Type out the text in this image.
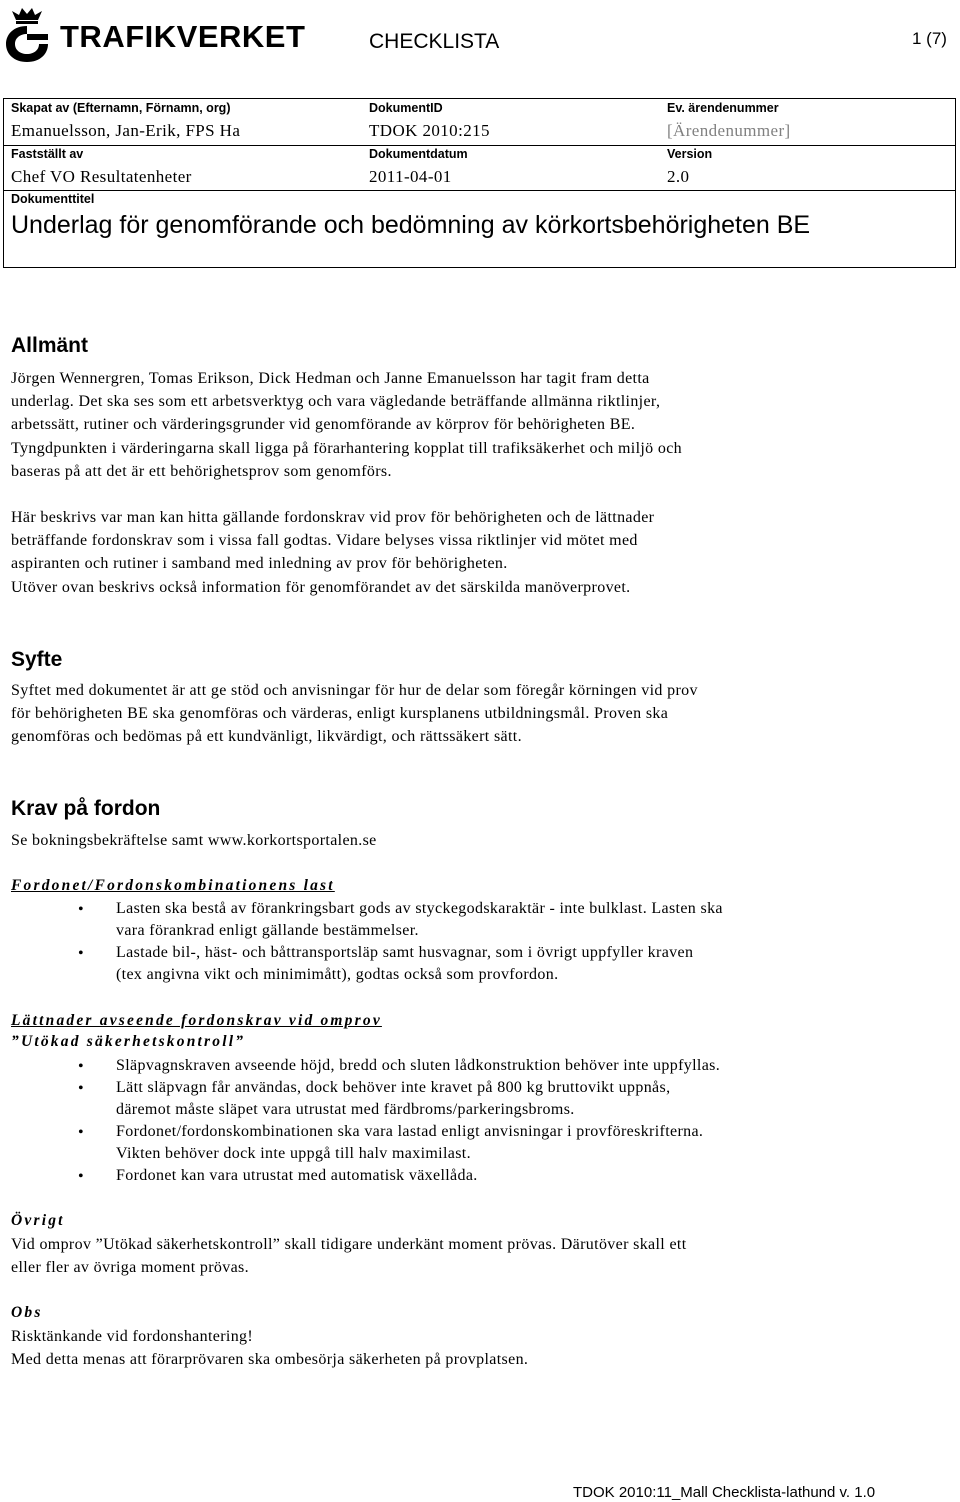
TRAFIKVERKET	CHECKLISTA	1 (7)
Skapat av (Efternamn, Förnamn, org)
Emanuelsson, Jan-Erik, FPS Ha
DokumentID
TDOK 2010:215
Ev. ärendenummer
[Ärendenummer]
Fastställt av
Chef VO Resultatenheter
Dokumentdatum
2011-04-01
Version
2.0
Dokumenttitel
Underlag för genomförande och bedömning av körkortsbehörigheten BE
Allmänt
Jörgen Wennergren, Tomas Erikson, Dick Hedman och Janne Emanuelsson har tagit fram detta
underlag. Det ska ses som ett arbetsverktyg och vara vägledande beträffande allmänna riktlinjer,
arbetssätt, rutiner och värderingsgrunder vid genomförande av körprov för behörigheten BE.
Tyngdpunkten i värderingarna skall ligga på förarhantering kopplat till trafiksäkerhet och miljö och
baseras på att det är ett behörighetsprov som genomförs.
Här beskrivs var man kan hitta gällande fordonskrav vid prov för behörigheten och de lättnader
beträffande fordonskrav som i vissa fall godtas. Vidare belyses vissa riktlinjer vid mötet med
aspiranten och rutiner i samband med inledning av prov för behörigheten.
Utöver ovan beskrivs också information för genomförandet av det särskilda manöverprovet.
Syfte
Syftet med dokumentet är att ge stöd och anvisningar för hur de delar som föregår körningen vid prov
för behörigheten BE ska genomföras och värderas, enligt kursplanens utbildningsmål. Proven ska
genomföras och bedömas på ett kundvänligt, likvärdigt, och rättssäkert sätt.
Krav på fordon
Se bokningsbekräftelse samt www.korkortsportalen.se
Fordonet/Fordonskombinationens last
• Lasten ska bestå av förankringsbart gods av styckegodskaraktär - inte bulklast. Lasten ska
vara förankrad enligt gällande bestämmelser.
• Lastade bil-, häst- och båttransportsläp samt husvagnar, som i övrigt uppfyller kraven
(tex angivna vikt och minimimått), godtas också som provfordon.
Lättnader avseende fordonskrav vid omprov
”Utökad säkerhetskontroll”
• Släpvagnskraven avseende höjd, bredd och sluten lådkonstruktion behöver inte uppfyllas.
• Lätt släpvagn får användas, dock behöver inte kravet på 800 kg bruttovikt uppnås,
däremot måste släpet vara utrustat med färdbroms/parkeringsbroms.
• Fordonet/fordonskombinationen ska vara lastad enligt anvisningar i provföreskrifterna.
Vikten behöver dock inte uppgå till halv maximilast.
• Fordonet kan vara utrustat med automatisk växellåda.
Övrigt
Vid omprov ”Utökad säkerhetskontroll” skall tidigare underkänt moment prövas. Därutöver skall ett
eller fler av övriga moment prövas.
Obs
Risktänkande vid fordonshantering!
Med detta menas att förarprövaren ska ombesörja säkerheten på provplatsen.
TDOK 2010:11_Mall Checklista-lathund v. 1.0
